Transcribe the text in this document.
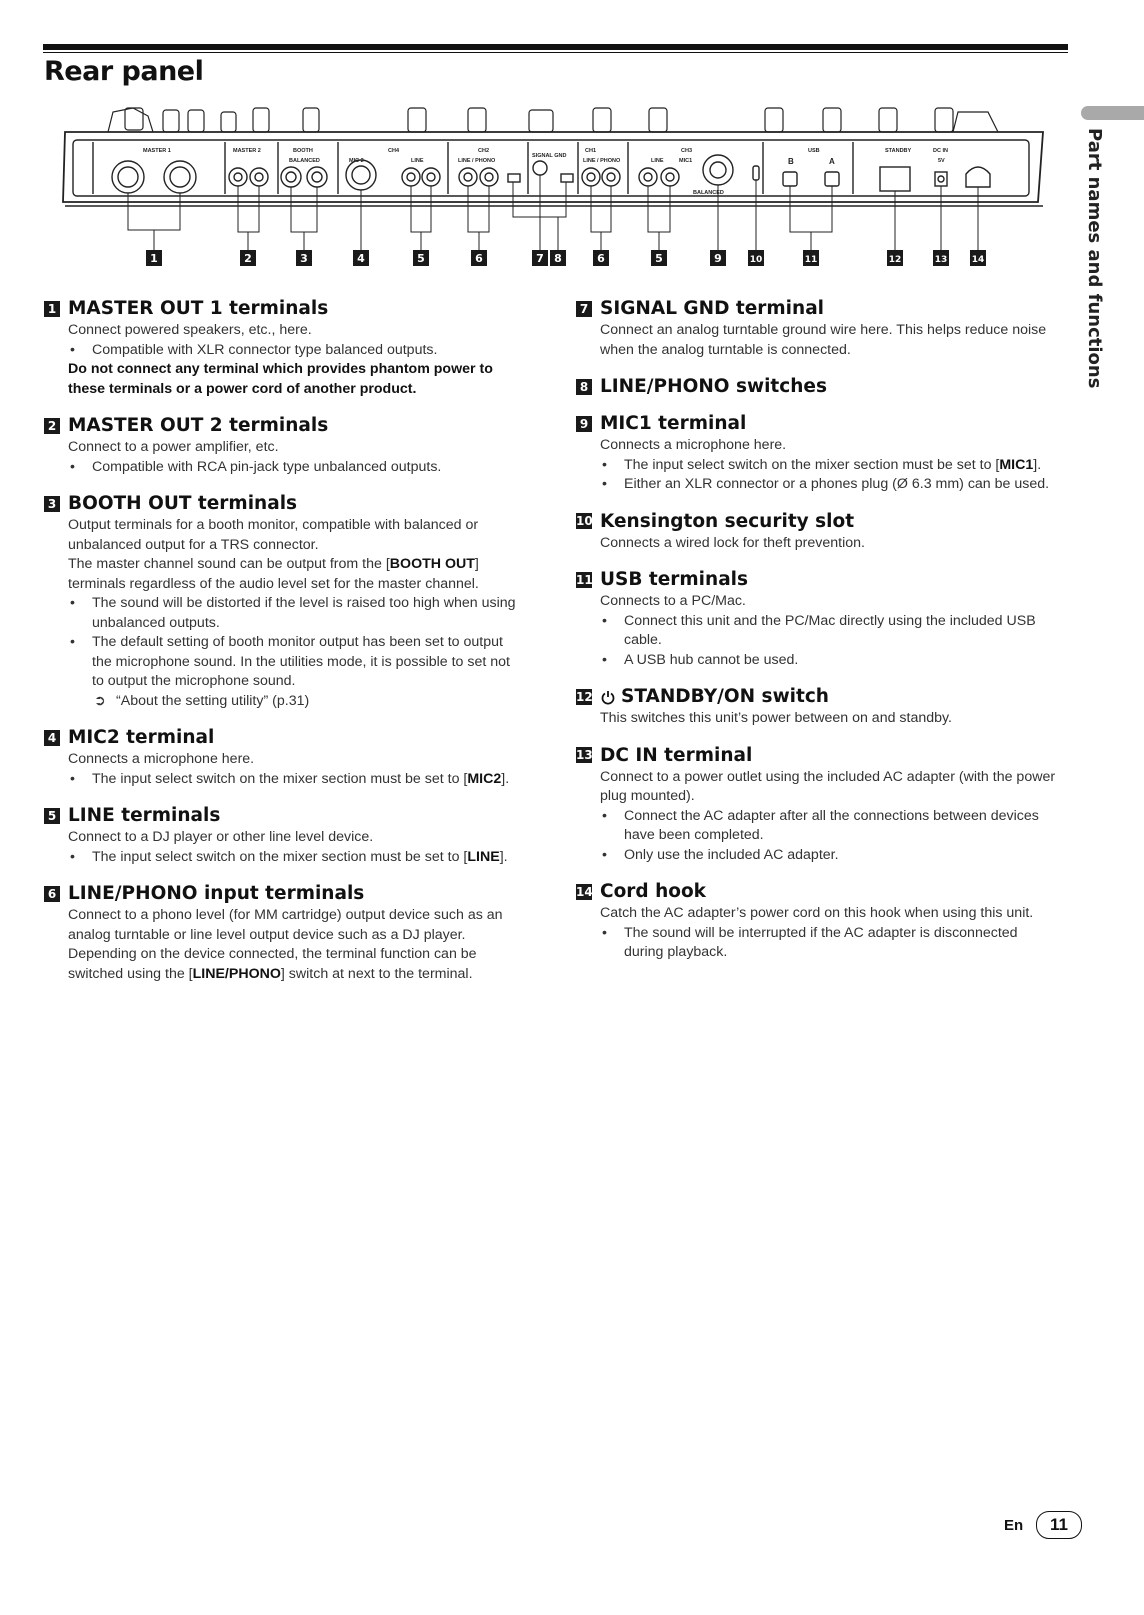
Rear panel
Part names and functions
MASTER 1	MASTER 2	BOOTH	CH4	CH2	CH1	CH3	USB	STANDBY	DC IN
SIGNAL GND
LINE / PHONO	LINE / PHONO
MIC 2	LINE	LINE	MIC1
BALANCED
BALANCED
5V
B	A
1	2	3	4	5	6	7 8	6	5	9	10	11	12	13	14
1 MASTER OUT 1 terminals

Connect powered speakers, etc., here.

• Compatible with XLR connector type balanced outputs.

Do not connect any terminal which provides phantom power to these terminals or a power cord of another product.

2 MASTER OUT 2 terminals

Connect to a power amplifier, etc.

• Compatible with RCA pin-jack type unbalanced outputs.
3 BOOTH OUT terminals

Output terminals for a booth monitor, compatible with balanced or unbalanced output for a TRS connector.

The master channel sound can be output from the [BOOTH OUT] terminals regardless of the audio level set for the master channel.

• The sound will be distorted if the level is raised too high when using unbalanced outputs.
• The default setting of booth monitor output has been set to output the microphone sound. In the utilities mode, it is possible to set not to output the microphone sound.
➲ “About the setting utility” (p.31)
4 MIC2 terminal

Connects a microphone here.

• The input select switch on the mixer section must be set to [MIC2].
5 LINE terminals

Connect to a DJ player or other line level device.

• The input select switch on the mixer section must be set to [LINE].
6 LINE/PHONO input terminals

Connect to a phono level (for MM cartridge) output device such as an analog turntable or line level output device such as a DJ player. Depending on the device connected, the terminal function can be switched using the [LINE/PHONO] switch at next to the terminal.

7 SIGNAL GND terminal

Connect an analog turntable ground wire here. This helps reduce noise when the analog turntable is connected.

8 LINE/PHONO switches
9 MIC1 terminal

Connects a microphone here.

• The input select switch on the mixer section must be set to [MIC1].
• Either an XLR connector or a phones plug (Ø 6.3 mm) can be used.
10 Kensington security slot

Connects a wired lock for theft prevention.

11 USB terminals

Connects to a PC/Mac.

• Connect this unit and the PC/Mac directly using the included USB cable.
• A USB hub cannot be used.
12 STANDBY/ON switch

This switches this unit’s power between on and standby.

13 DC IN terminal

Connect to a power outlet using the included AC adapter (with the power plug mounted).

• Connect the AC adapter after all the connections between devices have been completed.
• Only use the included AC adapter.
14 Cord hook

Catch the AC adapter’s power cord on this hook when using this unit.

• The sound will be interrupted if the AC adapter is disconnected during playback.
En	11
